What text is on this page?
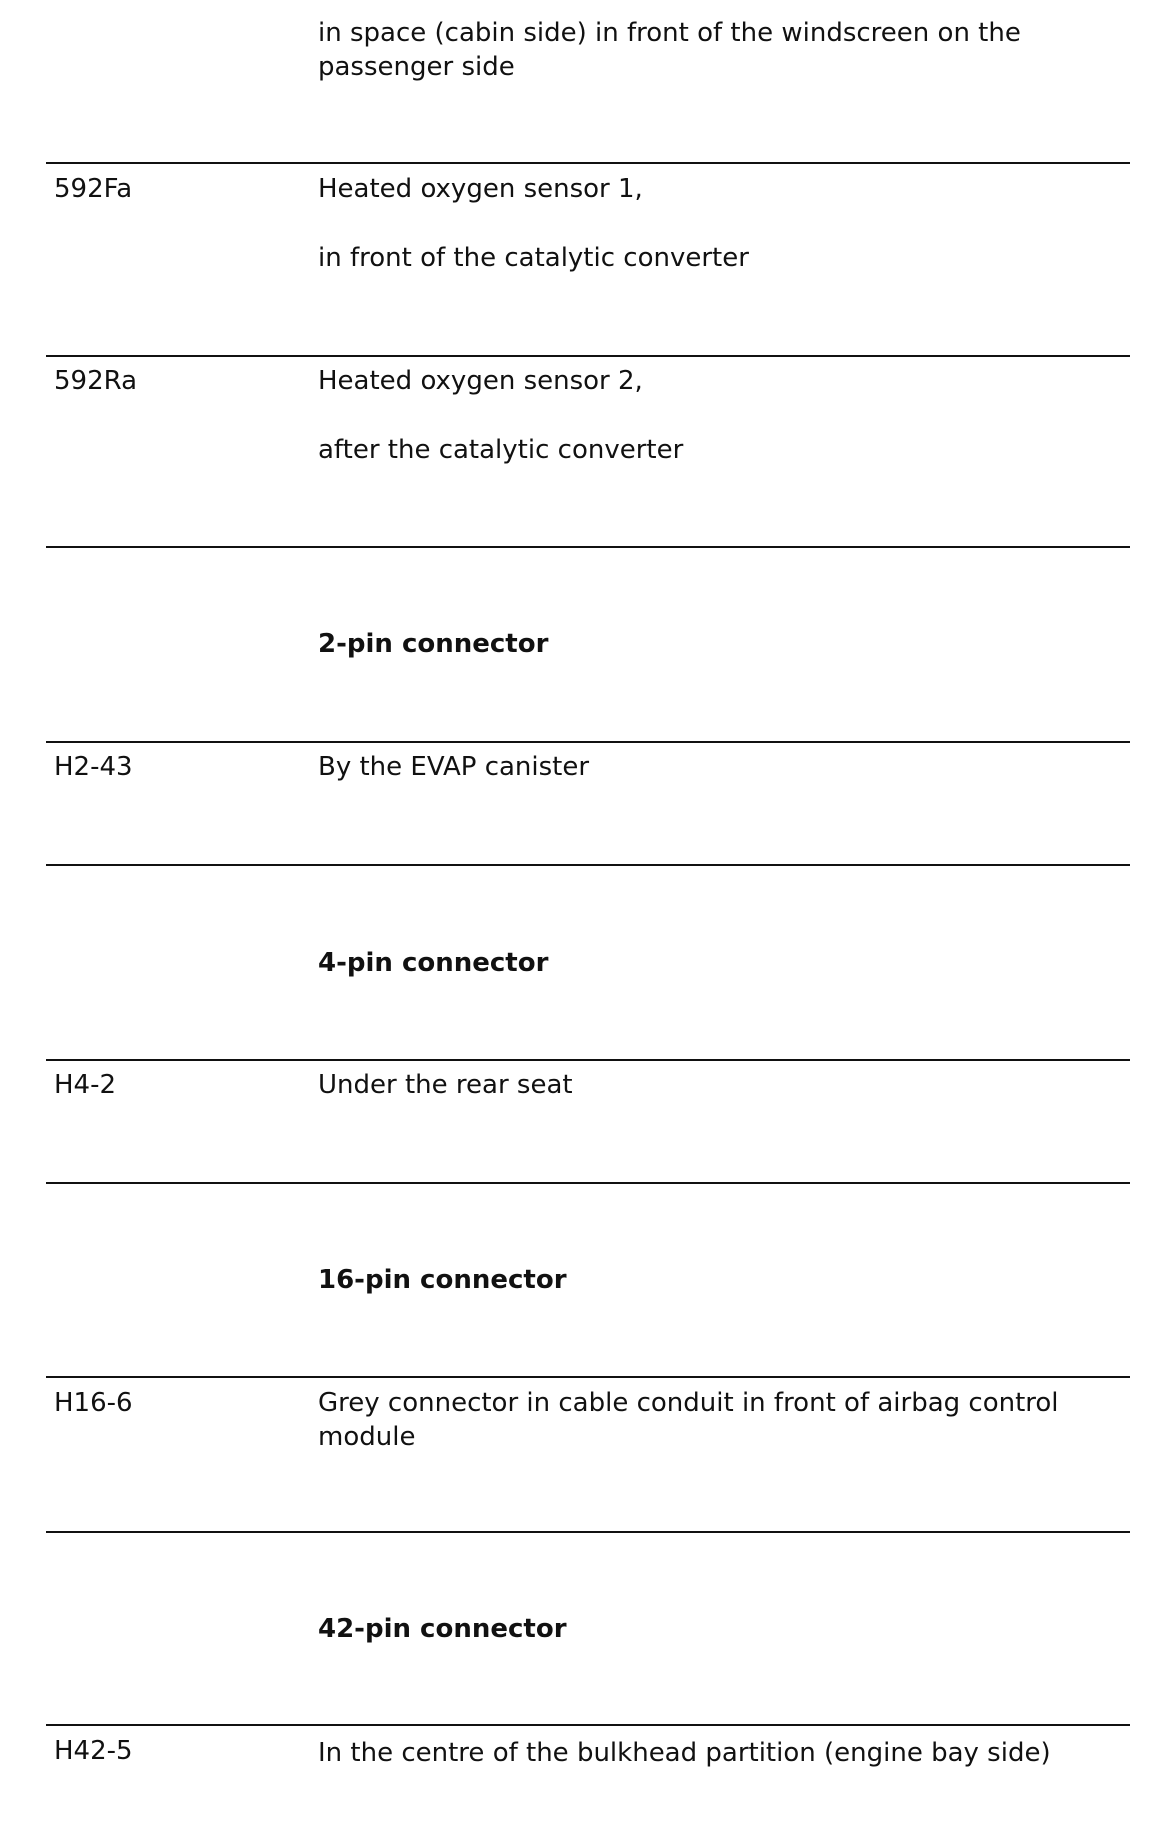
in space (cabin side) in front of the windscreen on the passenger side
592Fa	Heated oxygen sensor 1,
in front of the catalytic converter
592Ra	Heated oxygen sensor 2,
after the catalytic converter
2-pin connector
H2-43	By the EVAP canister
4-pin connector
H4-2	Under the rear seat
16-pin connector
H16-6	Grey connector in cable conduit in front of airbag control module
42-pin connector
H42-5	In the centre of the bulkhead partition (engine bay side)
